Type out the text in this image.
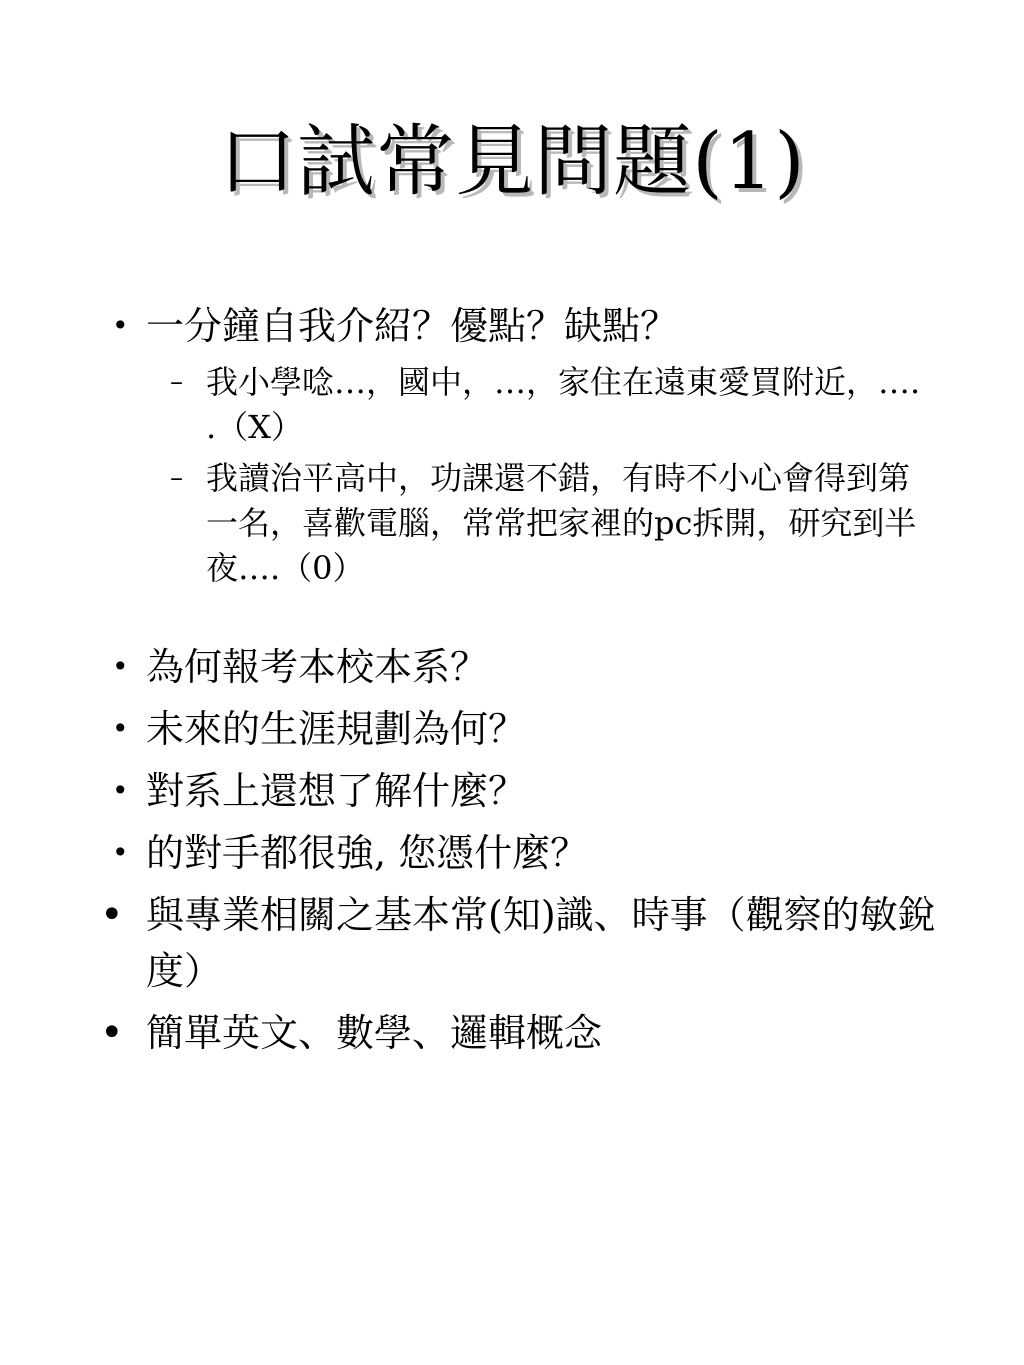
口試常見問題(1)
• 一分鐘自我介紹？優點？缺點？
– 我小學唸…，國中，…，家住在遠東愛買附近，…. .（X）
– 我讀治平高中，功課還不錯，有時不小心會得到第一名，喜歡電腦，常常把家裡的pc拆開，研究到半夜….（0）
• 為何報考本校本系？
• 未來的生涯規劃為何？
• 對系上還想了解什麼？
• 的對手都很強, 您憑什麼？
• 與專業相關之基本常(知)識、時事（觀察的敏銳度）
• 簡單英文、數學、邏輯概念
